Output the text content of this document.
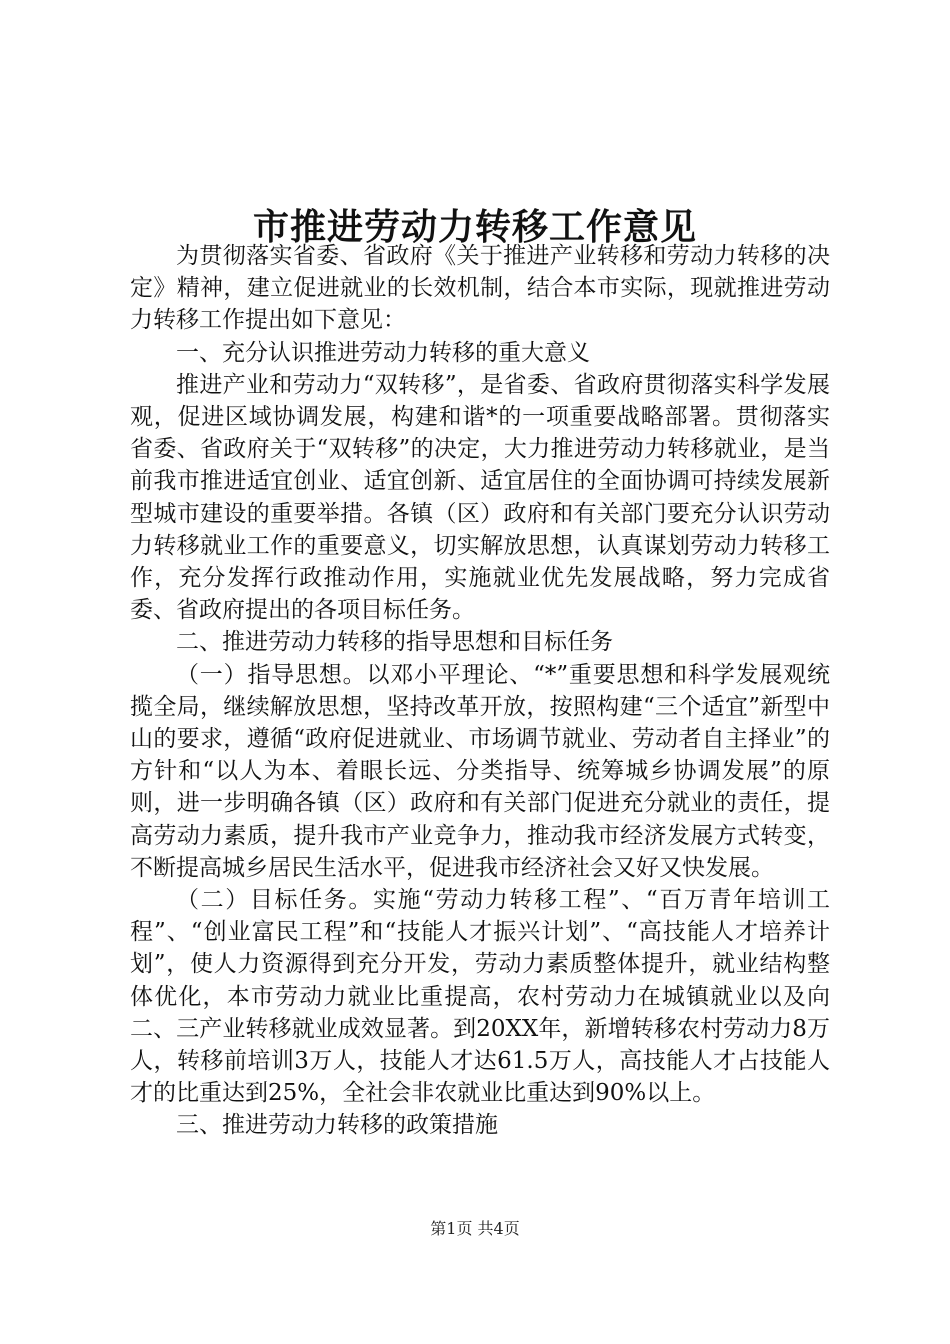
市推进劳动力转移工作意见

为贯彻落实省委、省政府《关于推进产业转移和劳动力转移的决定》精神，建立促进就业的长效机制，结合本市实际，现就推进劳动力转移工作提出如下意见：

一、充分认识推进劳动力转移的重大意义

推进产业和劳动力“双转移”，是省委、省政府贯彻落实科学发展观，促进区域协调发展，构建和谐*的一项重要战略部署。贯彻落实省委、省政府关于“双转移”的决定，大力推进劳动力转移就业，是当前我市推进适宜创业、适宜创新、适宜居住的全面协调可持续发展新型城市建设的重要举措。各镇（区）政府和有关部门要充分认识劳动力转移就业工作的重要意义，切实解放思想，认真谋划劳动力转移工作，充分发挥行政推动作用，实施就业优先发展战略，努力完成省委、省政府提出的各项目标任务。

二、推进劳动力转移的指导思想和目标任务

（一）指导思想。以邓小平理论、“*”重要思想和科学发展观统揽全局，继续解放思想，坚持改革开放，按照构建“三个适宜”新型中山的要求，遵循“政府促进就业、市场调节就业、劳动者自主择业”的方针和“以人为本、着眼长远、分类指导、统筹城乡协调发展”的原则，进一步明确各镇（区）政府和有关部门促进充分就业的责任，提高劳动力素质，提升我市产业竞争力，推动我市经济发展方式转变，不断提高城乡居民生活水平，促进我市经济社会又好又快发展。

（二）目标任务。实施“劳动力转移工程”、“百万青年培训工程”、“创业富民工程”和“技能人才振兴计划”、“高技能人才培养计划”，使人力资源得到充分开发，劳动力素质整体提升，就业结构整体优化，本市劳动力就业比重提高，农村劳动力在城镇就业以及向二、三产业转移就业成效显著。到20XX年，新增转移农村劳动力8万人，转移前培训3万人，技能人才达61.5万人，高技能人才占技能人才的比重达到25%，全社会非农就业比重达到90%以上。

三、推进劳动力转移的政策措施

第1页 共4页
